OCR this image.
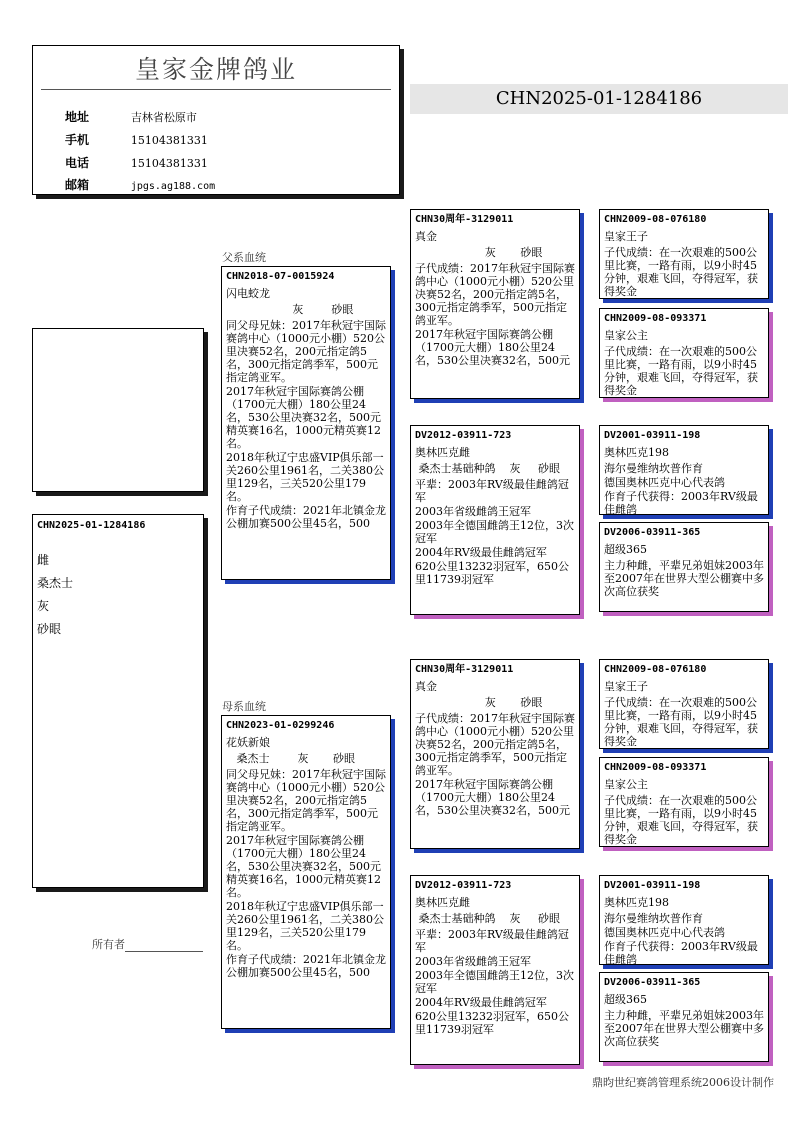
皇家金牌鸽业
地址	吉林省松原市
手机	15104381331
电话	15104381331
邮箱	jpgs.ag188.com
CHN2025-01-1284186
CHN2025-01-1284186
雌
桑杰士
灰
砂眼
父系血统
母系血统
所有者
CHN2018-07-0015924
闪电蛟龙
灰        砂眼

同父母兄妹：2017年秋冠宇国际赛鸽中心（1000元小棚）520公里决赛52名，200元指定鸽5名，300元指定鸽季军，500元指定鸽亚军。

2017年秋冠宇国际赛鸽公棚（1700元大棚）180公里24名，530公里决赛32名，500元精英赛16名，1000元精英赛12名。

2018年秋辽宁忠盛VIP俱乐部一关260公里1961名，二关380公里129名，三关520公里179名。

作育子代成绩：2021年北镇金龙公棚加赛500公里45名，500

CHN2023-01-0299246
花妖新娘
桑杰士        灰       砂眼

同父母兄妹：2017年秋冠宇国际赛鸽中心（1000元小棚）520公里决赛52名，200元指定鸽5名，300元指定鸽季军，500元指定鸽亚军。

2017年秋冠宇国际赛鸽公棚（1700元大棚）180公里24名，530公里决赛32名，500元精英赛16名，1000元精英赛12名。

2018年秋辽宁忠盛VIP俱乐部一关260公里1961名，二关380公里129名，三关520公里179名。

作育子代成绩：2021年北镇金龙公棚加赛500公里45名，500

CHN30周年-3129011
真金
灰       砂眼

子代成绩：2017年秋冠宇国际赛鸽中心（1000元小棚）520公里决赛52名，200元指定鸽5名，300元指定鸽季军，500元指定鸽亚军。

2017年秋冠宇国际赛鸽公棚（1700元大棚）180公里24名，530公里决赛32名，500元

DV2012-03911-723
奥林匹克雌
桑杰士基础种鸽    灰     砂眼

平辈：2003年RV级最佳雌鸽冠军

2003年省级雌鸽王冠军

2003年全德国雌鸽王12位，3次冠军

2004年RV级最佳雌鸽冠军

620公里13232羽冠军，650公里11739羽冠军

CHN30周年-3129011
真金
灰       砂眼

子代成绩：2017年秋冠宇国际赛鸽中心（1000元小棚）520公里决赛52名，200元指定鸽5名，300元指定鸽季军，500元指定鸽亚军。

2017年秋冠宇国际赛鸽公棚（1700元大棚）180公里24名，530公里决赛32名，500元

DV2012-03911-723
奥林匹克雌
桑杰士基础种鸽    灰     砂眼

平辈：2003年RV级最佳雌鸽冠军

2003年省级雌鸽王冠军

2003年全德国雌鸽王12位，3次冠军

2004年RV级最佳雌鸽冠军

620公里13232羽冠军，650公里11739羽冠军

CHN2009-08-076180
皇家王子
子代成绩：在一次艰难的500公里比赛，一路有雨，以9小时45分钟，艰难飞回，夺得冠军，获得奖金
CHN2009-08-093371
皇家公主
子代成绩：在一次艰难的500公里比赛，一路有雨，以9小时45分钟，艰难飞回，夺得冠军，获得奖金
DV2001-03911-198
奥林匹克198

海尔曼维纳坎普作育

德国奥林匹克中心代表鸽

作育子代获得：2003年RV级最佳雌鸽

DV2006-03911-365
超级365
主力种雌，平辈兄弟姐妹2003年至2007年在世界大型公棚赛中多次高位获奖
CHN2009-08-076180
皇家王子
子代成绩：在一次艰难的500公里比赛，一路有雨，以9小时45分钟，艰难飞回，夺得冠军，获得奖金
CHN2009-08-093371
皇家公主
子代成绩：在一次艰难的500公里比赛，一路有雨，以9小时45分钟，艰难飞回，夺得冠军，获得奖金
DV2001-03911-198
奥林匹克198

海尔曼维纳坎普作育

德国奥林匹克中心代表鸽

作育子代获得：2003年RV级最佳雌鸽

DV2006-03911-365
超级365
主力种雌，平辈兄弟姐妹2003年至2007年在世界大型公棚赛中多次高位获奖
鼎昀世纪赛鸽管理系统2006设计制作
